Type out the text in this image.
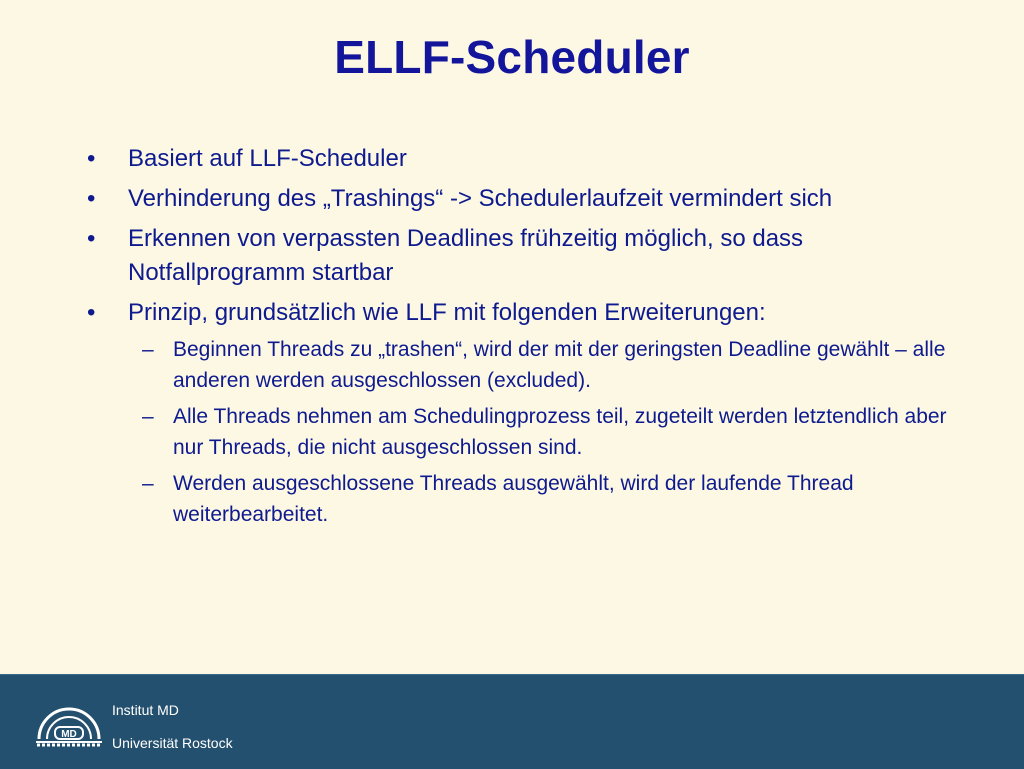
ELLF-Scheduler
• Basiert auf LLF-Scheduler
• Verhinderung des „Trashings“ -> Schedulerlaufzeit vermindert sich
• Erkennen von verpassten Deadlines frühzeitig möglich, so dass Notfallprogramm startbar
• Prinzip, grundsätzlich wie LLF mit folgenden Erweiterungen:
– Beginnen Threads zu „trashen“, wird der mit der geringsten Deadline gewählt – alle anderen werden ausgeschlossen (excluded).
– Alle Threads nehmen am Schedulingprozess teil, zugeteilt werden letztendlich aber nur Threads, die nicht ausgeschlossen sind.
– Werden ausgeschlossene Threads ausgewählt, wird der laufende Thread weiterbearbeitet.
MD
Institut MD
Universität Rostock
